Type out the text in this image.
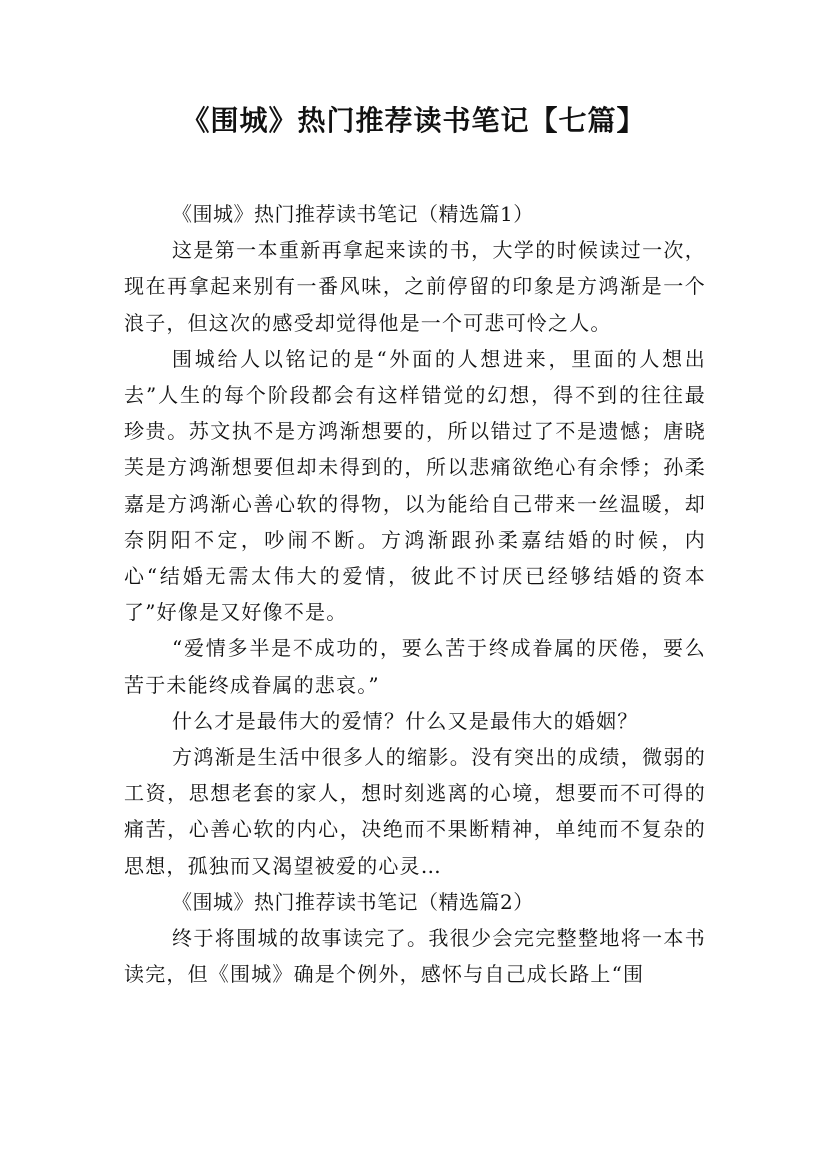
《围城》热门推荐读书笔记【七篇】

《围城》热门推荐读书笔记（精选篇1）

这是第一本重新再拿起来读的书，大学的时候读过一次，现在再拿起来别有一番风味，之前停留的印象是方鸿渐是一个浪子，但这次的感受却觉得他是一个可悲可怜之人。

围城给人以铭记的是“外面的人想进来，里面的人想出去”人生的每个阶段都会有这样错觉的幻想，得不到的往往最珍贵。苏文执不是方鸿渐想要的，所以错过了不是遗憾；唐晓芙是方鸿渐想要但却未得到的，所以悲痛欲绝心有余悸；孙柔嘉是方鸿渐心善心软的得物，以为能给自己带来一丝温暖，却奈阴阳不定，吵闹不断。方鸿渐跟孙柔嘉结婚的时候，内心“结婚无需太伟大的爱情，彼此不讨厌已经够结婚的资本了”好像是又好像不是。

“爱情多半是不成功的，要么苦于终成眷属的厌倦，要么苦于未能终成眷属的悲哀。”

什么才是最伟大的爱情？什么又是最伟大的婚姻？

方鸿渐是生活中很多人的缩影。没有突出的成绩，微弱的工资，思想老套的家人，想时刻逃离的心境，想要而不可得的痛苦，心善心软的内心，决绝而不果断精神，单纯而不复杂的思想，孤独而又渴望被爱的心灵…

《围城》热门推荐读书笔记（精选篇2）

终于将围城的故事读完了。我很少会完完整整地将一本书读完，但《围城》确是个例外，感怀与自己成长路上“围
